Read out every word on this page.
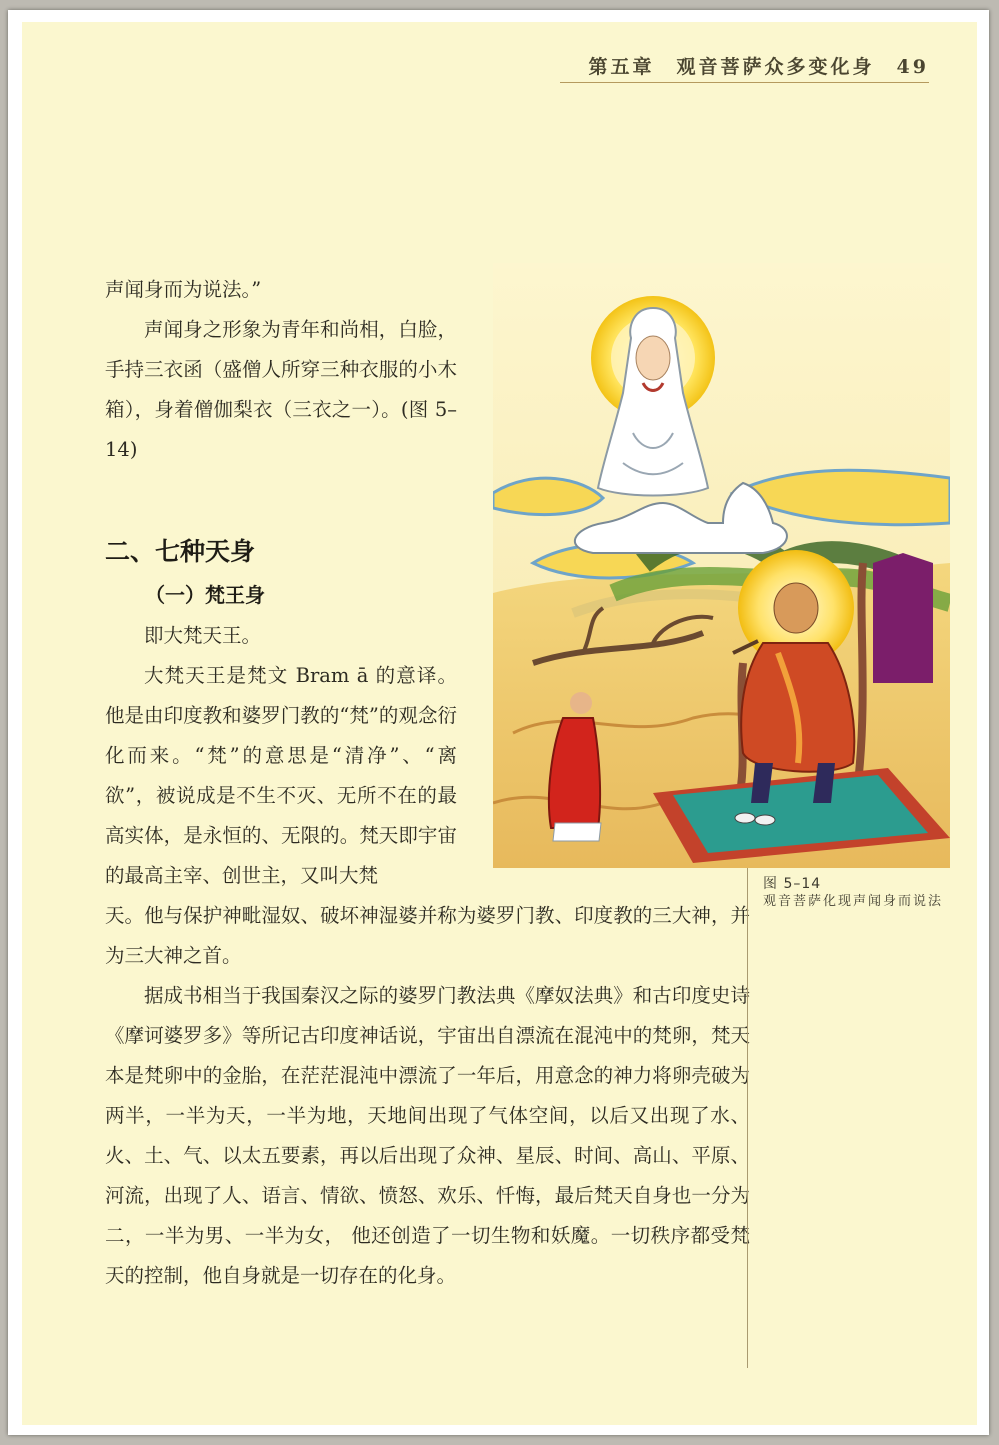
第五章 观音菩萨众多变化身 49

声闻身而为说法。”

声闻身之形象为青年和尚相，白脸，手持三衣函（盛僧人所穿三种衣服的小木箱），身着僧伽梨衣（三衣之一）。(图 5–14)

二、七种天身
（一）梵王身

即大梵天王。

大梵天王是梵文 Bram ā 的意译。他是由印度教和婆罗门教的“梵”的观念衍化而来。“梵”的意思是“清净”、“离欲”，被说成是不生不灭、无所不在的最高实体，是永恒的、无限的。梵天即宇宙的最高主宰、创世主，又叫大梵

天。他与保护神毗湿奴、破坏神湿婆并称为婆罗门教、印度教的三大神，并为三大神之首。

据成书相当于我国秦汉之际的婆罗门教法典《摩奴法典》和古印度史诗《摩诃婆罗多》等所记古印度神话说，宇宙出自漂流在混沌中的梵卵，梵天本是梵卵中的金胎，在茫茫混沌中漂流了一年后，用意念的神力将卵壳破为两半，一半为天，一半为地，天地间出现了气体空间，以后又出现了水、火、土、气、以太五要素，再以后出现了众神、星辰、时间、高山、平原、河流，出现了人、语言、情欲、愤怒、欢乐、忏悔，最后梵天自身也一分为二，一半为男、一半为女， 他还创造了一切生物和妖魔。一切秩序都受梵天的控制，他自身就是一切存在的化身。

图 5–14
观音菩萨化现声闻身而说法
